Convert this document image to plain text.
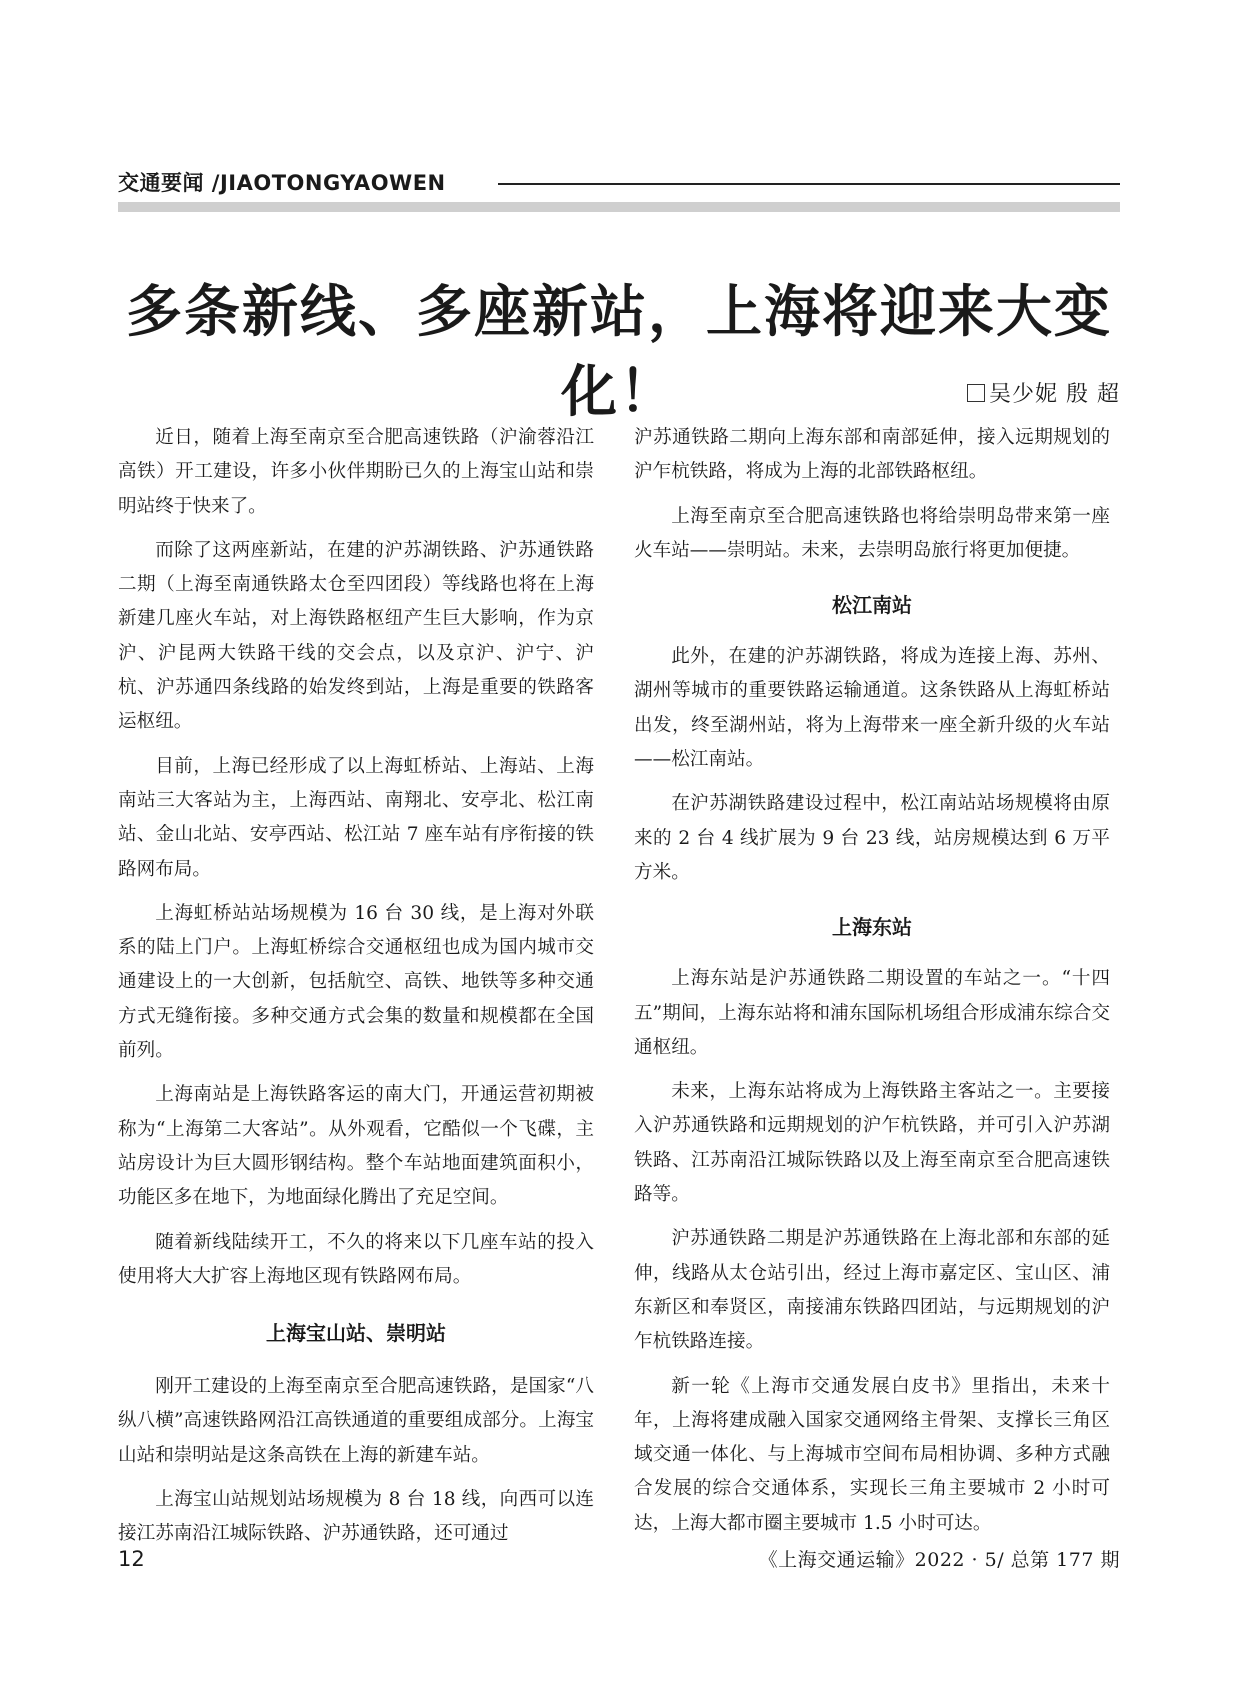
交通要闻 /JIAOTONGYAOWEN
多条新线、多座新站，上海将迎来大变化！	吴少妮 殷 超

近日，随着上海至南京至合肥高速铁路（沪渝蓉沿江高铁）开工建设，许多小伙伴期盼已久的上海宝山站和崇明站终于快来了。

而除了这两座新站，在建的沪苏湖铁路、沪苏通铁路二期（上海至南通铁路太仓至四团段）等线路也将在上海新建几座火车站，对上海铁路枢纽产生巨大影响，作为京沪、沪昆两大铁路干线的交会点，以及京沪、沪宁、沪杭、沪苏通四条线路的始发终到站，上海是重要的铁路客运枢纽。

目前，上海已经形成了以上海虹桥站、上海站、上海南站三大客站为主，上海西站、南翔北、安亭北、松江南站、金山北站、安亭西站、松江站 7 座车站有序衔接的铁路网布局。

上海虹桥站站场规模为 16 台 30 线，是上海对外联系的陆上门户。上海虹桥综合交通枢纽也成为国内城市交通建设上的一大创新，包括航空、高铁、地铁等多种交通方式无缝衔接。多种交通方式会集的数量和规模都在全国前列。

上海南站是上海铁路客运的南大门，开通运营初期被称为“上海第二大客站”。从外观看，它酷似一个飞碟，主站房设计为巨大圆形钢结构。整个车站地面建筑面积小，功能区多在地下，为地面绿化腾出了充足空间。

随着新线陆续开工，不久的将来以下几座车站的投入使用将大大扩容上海地区现有铁路网布局。

上海宝山站、崇明站

刚开工建设的上海至南京至合肥高速铁路，是国家“八纵八横”高速铁路网沿江高铁通道的重要组成部分。上海宝山站和崇明站是这条高铁在上海的新建车站。

上海宝山站规划站场规模为 8 台 18 线，向西可以连接江苏南沿江城际铁路、沪苏通铁路，还可通过

沪苏通铁路二期向上海东部和南部延伸，接入远期规划的沪乍杭铁路，将成为上海的北部铁路枢纽。

上海至南京至合肥高速铁路也将给崇明岛带来第一座火车站——崇明站。未来，去崇明岛旅行将更加便捷。

松江南站

此外，在建的沪苏湖铁路，将成为连接上海、苏州、湖州等城市的重要铁路运输通道。这条铁路从上海虹桥站出发，终至湖州站，将为上海带来一座全新升级的火车站——松江南站。

在沪苏湖铁路建设过程中，松江南站站场规模将由原来的 2 台 4 线扩展为 9 台 23 线，站房规模达到 6 万平方米。

上海东站

上海东站是沪苏通铁路二期设置的车站之一。“十四五”期间，上海东站将和浦东国际机场组合形成浦东综合交通枢纽。

未来，上海东站将成为上海铁路主客站之一。主要接入沪苏通铁路和远期规划的沪乍杭铁路，并可引入沪苏湖铁路、江苏南沿江城际铁路以及上海至南京至合肥高速铁路等。

沪苏通铁路二期是沪苏通铁路在上海北部和东部的延伸，线路从太仓站引出，经过上海市嘉定区、宝山区、浦东新区和奉贤区，南接浦东铁路四团站，与远期规划的沪乍杭铁路连接。

新一轮《上海市交通发展白皮书》里指出，未来十年，上海将建成融入国家交通网络主骨架、支撑长三角区域交通一体化、与上海城市空间布局相协调、多种方式融合发展的综合交通体系，实现长三角主要城市 2 小时可达，上海大都市圈主要城市 1.5 小时可达。

12	《上海交通运输》2022 · 5/ 总第 177 期
